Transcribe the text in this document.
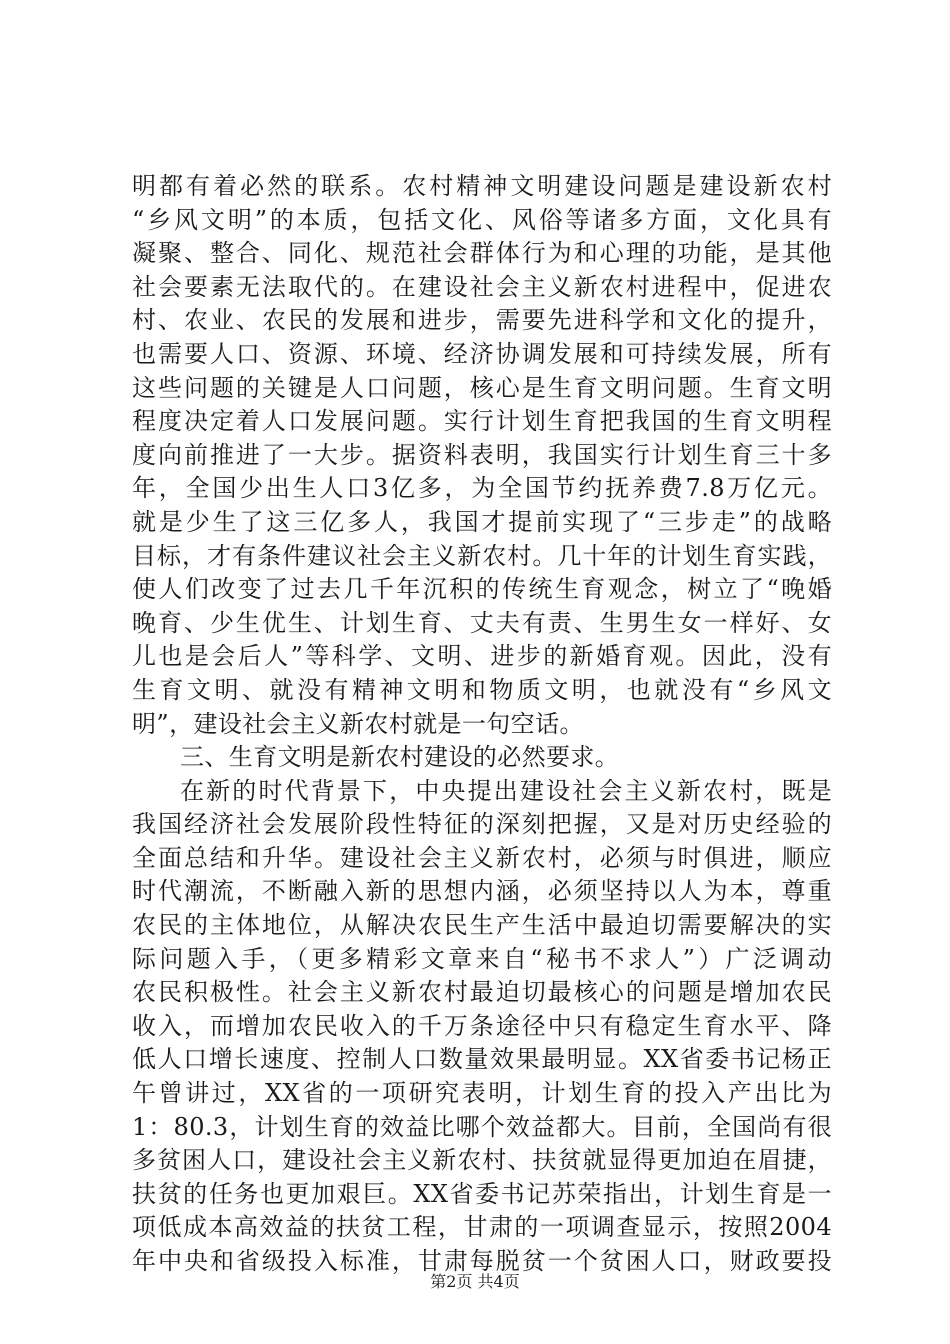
明都有着必然的联系。农村精神文明建设问题是建设新农村
“乡风文明”的本质，包括文化、风俗等诸多方面，文化具有
凝聚、整合、同化、规范社会群体行为和心理的功能，是其他
社会要素无法取代的。在建设社会主义新农村进程中，促进农
村、农业、农民的发展和进步，需要先进科学和文化的提升，
也需要人口、资源、环境、经济协调发展和可持续发展，所有
这些问题的关键是人口问题，核心是生育文明问题。生育文明
程度决定着人口发展问题。实行计划生育把我国的生育文明程
度向前推进了一大步。据资料表明，我国实行计划生育三十多
年，全国少出生人口3亿多，为全国节约抚养费7.8万亿元。
就是少生了这三亿多人，我国才提前实现了“三步走”的战略
目标，才有条件建议社会主义新农村。几十年的计划生育实践，
使人们改变了过去几千年沉积的传统生育观念，树立了“晚婚
晚育、少生优生、计划生育、丈夫有责、生男生女一样好、女
儿也是会后人”等科学、文明、进步的新婚育观。因此，没有
生育文明、就没有精神文明和物质文明，也就没有“乡风文
明”，建设社会主义新农村就是一句空话。
三、生育文明是新农村建设的必然要求。
在新的时代背景下，中央提出建设社会主义新农村，既是
我国经济社会发展阶段性特征的深刻把握，又是对历史经验的
全面总结和升华。建设社会主义新农村，必须与时俱进，顺应
时代潮流，不断融入新的思想内涵，必须坚持以人为本，尊重
农民的主体地位，从解决农民生产生活中最迫切需要解决的实
际问题入手，（更多精彩文章来自“秘书不求人”）广泛调动
农民积极性。社会主义新农村最迫切最核心的问题是增加农民
收入，而增加农民收入的千万条途径中只有稳定生育水平、降
低人口增长速度、控制人口数量效果最明显。XX省委书记杨正
午曾讲过，XX省的一项研究表明，计划生育的投入产出比为
1：80.3，计划生育的效益比哪个效益都大。目前，全国尚有很
多贫困人口，建设社会主义新农村、扶贫就显得更加迫在眉捷，
扶贫的任务也更加艰巨。XX省委书记苏荣指出，计划生育是一
项低成本高效益的扶贫工程，甘肃的一项调查显示，按照2004
年中央和省级投入标准，甘肃每脱贫一个贫困人口，财政要投
第2页 共4页
